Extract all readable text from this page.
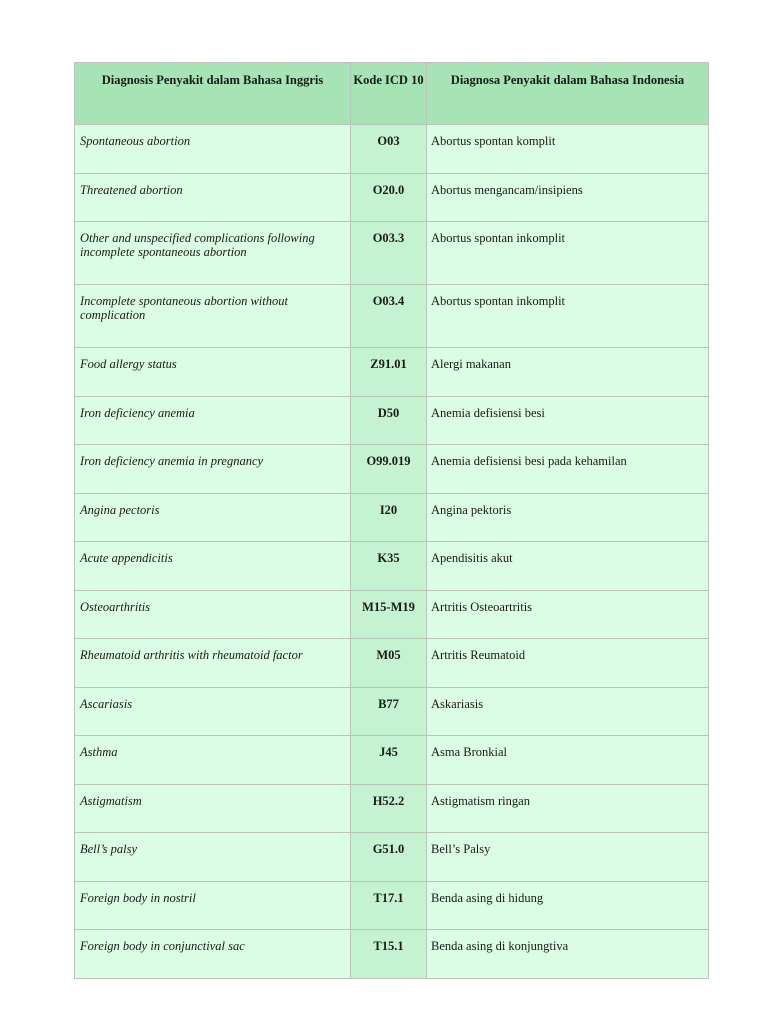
Diagnosis Penyakit dalam Bahasa Inggris	Kode ICD 10	Diagnosa Penyakit dalam Bahasa Indonesia
Spontaneous abortion	O03	Abortus spontan komplit
Threatened abortion	O20.0	Abortus mengancam/insipiens
Other and unspecified complications following incomplete spontaneous abortion	O03.3	Abortus spontan inkomplit
Incomplete spontaneous abortion without complication	O03.4	Abortus spontan inkomplit
Food allergy status	Z91.01	Alergi makanan
Iron deficiency anemia	D50	Anemia defisiensi besi
Iron deficiency anemia in pregnancy	O99.019	Anemia defisiensi besi pada kehamilan
Angina pectoris	I20	Angina pektoris
Acute appendicitis	K35	Apendisitis akut
Osteoarthritis	M15-M19	Artritis Osteoartritis
Rheumatoid arthritis with rheumatoid factor	M05	Artritis Reumatoid
Ascariasis	B77	Askariasis
Asthma	J45	Asma Bronkial
Astigmatism	H52.2	Astigmatism ringan
Bell’s palsy	G51.0	Bell’s Palsy
Foreign body in nostril	T17.1	Benda asing di hidung
Foreign body in conjunctival sac	T15.1	Benda asing di konjungtiva
